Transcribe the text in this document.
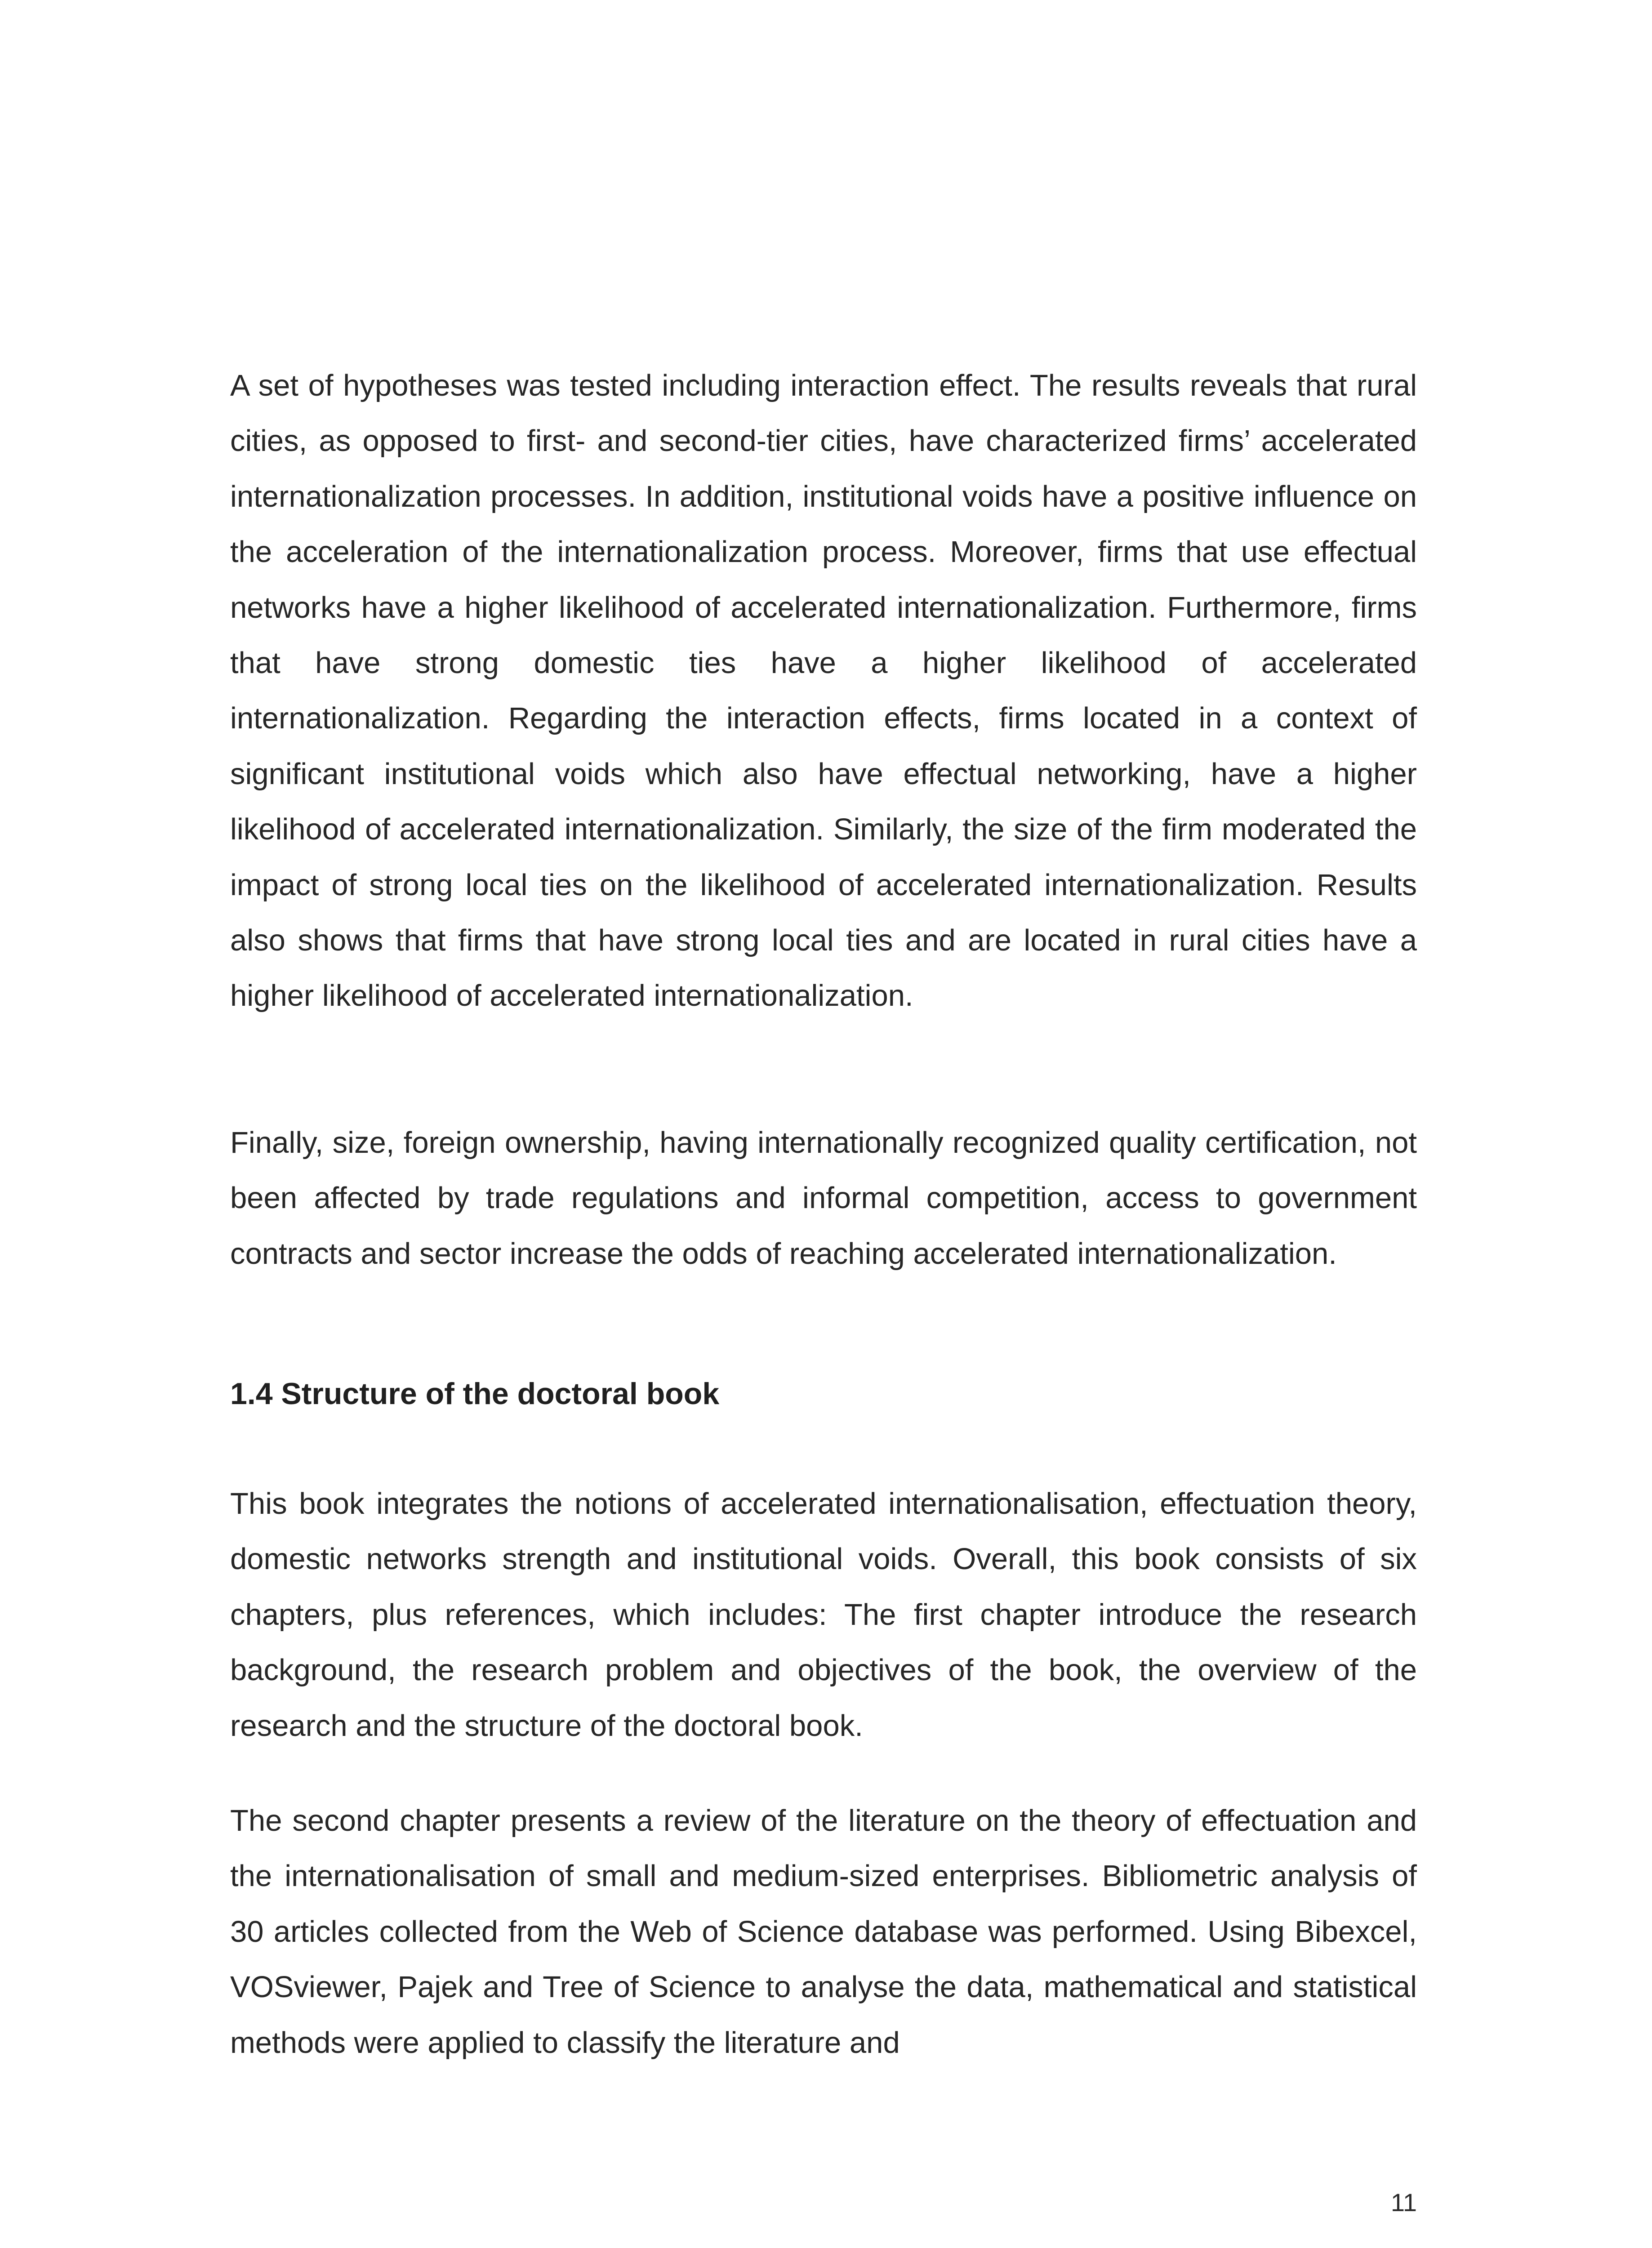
A set of hypotheses was tested including interaction effect. The results reveals that rural cities, as opposed to first- and second-tier cities, have characterized firms’ accelerated internationalization processes. In addition, institutional voids have a positive influence on the acceleration of the internationalization process. Moreover, firms that use effectual networks have a higher likelihood of accelerated internationalization. Furthermore, firms that have strong domestic ties have a higher likelihood of accelerated internationalization. Regarding the interaction effects, firms located in a context of significant institutional voids which also have effectual networking, have a higher likelihood of accelerated internationalization. Similarly, the size of the firm moderated the impact of strong local ties on the likelihood of accelerated internationalization. Results also shows that firms that have strong local ties and are located in rural cities have a higher likelihood of accelerated internationalization.

Finally, size, foreign ownership, having internationally recognized quality certification, not been affected by trade regulations and informal competition, access to government contracts and sector increase the odds of reaching accelerated internationalization.

1.4 Structure of the doctoral book

This book integrates the notions of accelerated internationalisation, effectuation theory, domestic networks strength and institutional voids. Overall, this book consists of six chapters, plus references, which includes: The first chapter introduce the research background, the research problem and objectives of the book, the overview of the research and the structure of the doctoral book.

The second chapter presents a review of the literature on the theory of effectuation and the internationalisation of small and medium-sized enterprises. Bibliometric analysis of 30 articles collected from the Web of Science database was performed. Using Bibexcel, VOSviewer, Pajek and Tree of Science to analyse the data, mathematical and statistical methods were applied to classify the literature and

11
